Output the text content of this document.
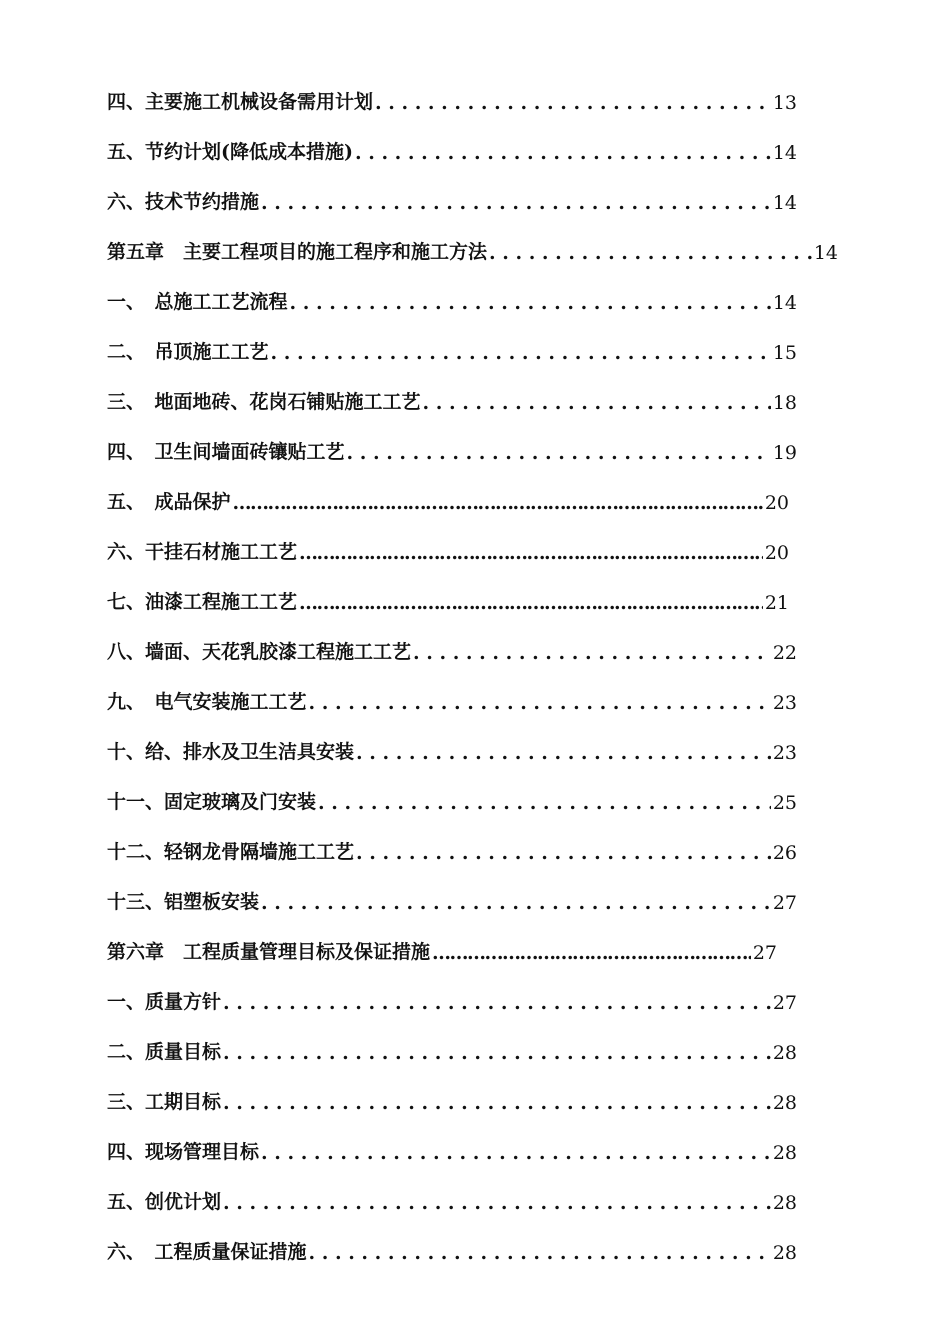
四、主要施工机械设备需用计划 . . .	13
五、节约计划(降低成本措施) . . .	14
六、技术节约措施 . . .	14
第五章　主要工程项目的施工程序和施工方法 . . .	14
一、　总施工工艺流程 . . .	14
二、　吊顶施工工艺 . . .	15
三、　地面地砖、花岗石铺贴施工工艺 . . .	18
四、　卫生间墙面砖镶贴工艺 . . .	19
五、　成品保护 …………………………………………………………………………………………………………………………	20
六、干挂石材施工工艺 …………………………………………………………………………………………………………………………	20
七、油漆工程施工工艺 …………………………………………………………………………………………………………………………	21
八、墙面、天花乳胶漆工程施工工艺 . . .	22
九、　电气安装施工工艺 . . .	23
十、给、排水及卫生洁具安装 . . .	23
十一、固定玻璃及门安装 . . .	25
十二、轻钢龙骨隔墙施工工艺 . . .	26
十三、铝塑板安装 . . .	27
第六章　工程质量管理目标及保证措施 …………………………………………………………………………………………………………………………	27
一、质量方针 . . .	27
二、质量目标 . . .	28
三、工期目标 . . .	28
四、现场管理目标 . . .	28
五、创优计划 . . .	28
六、　工程质量保证措施 . . .	28
